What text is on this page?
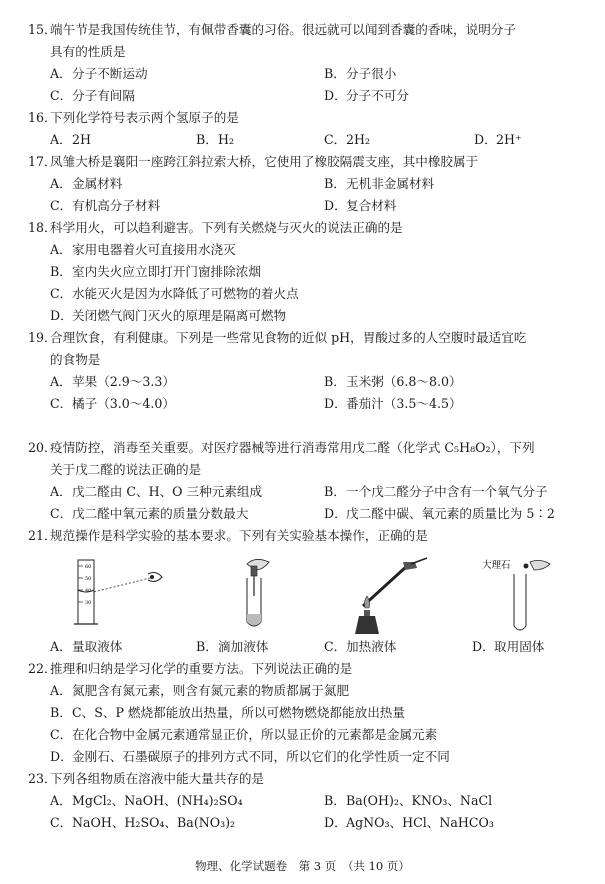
15．端午节是我国传统佳节，有佩带香囊的习俗。很远就可以闻到香囊的香味，说明分子
具有的性质是
A．分子不断运动	B．分子很小
C．分子有间隔	D．分子不可分
16．下列化学符号表示两个氢原子的是
A．2H	B．H₂	C．2H₂	D．2H⁺
17．凤雏大桥是襄阳一座跨江斜拉索大桥，它使用了橡胶隔震支座，其中橡胶属于
A．金属材料	B．无机非金属材料
C．有机高分子材料	D．复合材料
18．科学用火，可以趋利避害。下列有关燃烧与灭火的说法正确的是
A．家用电器着火可直接用水浇灭
B．室内失火应立即打开门窗排除浓烟
C．水能灭火是因为水降低了可燃物的着火点
D．关闭燃气阀门灭火的原理是隔离可燃物
19．合理饮食，有利健康。下列是一些常见食物的近似 pH，胃酸过多的人空腹时最适宜吃
的食物是
A．苹果（2.9～3.3）	B．玉米粥（6.8～8.0）
C．橘子（3.0～4.0）	D．番茄汁（3.5～4.5）
20．疫情防控，消毒至关重要。对医疗器械等进行消毒常用戊二醛（化学式 C₅H₈O₂），下列
关于戊二醛的说法正确的是
A．戊二醛由 C、H、O 三种元素组成	B．一个戊二醛分子中含有一个氧气分子
C．戊二醛中氧元素的质量分数最大	D．戊二醛中碳、氧元素的质量比为 5∶2
21．规范操作是科学实验的基本要求。下列有关实验基本操作，正确的是
60
50
40
30
大理石
A．量取液体	B．滴加液体	C．加热液体	D．取用固体
22．推理和归纳是学习化学的重要方法。下列说法正确的是
A．氮肥含有氮元素，则含有氮元素的物质都属于氮肥
B．C、S、P 燃烧都能放出热量，所以可燃物燃烧都能放出热量
C．在化合物中金属元素通常显正价，所以显正价的元素都是金属元素
D．金刚石、石墨碳原子的排列方式不同，所以它们的化学性质一定不同
23．下列各组物质在溶液中能大量共存的是
A．MgCl₂、NaOH、(NH₄)₂SO₄	B．Ba(OH)₂、KNO₃、NaCl
C．NaOH、H₂SO₄、Ba(NO₃)₂	D．AgNO₃、HCl、NaHCO₃
物理、化学试题卷　第 3 页　（共 10 页）
